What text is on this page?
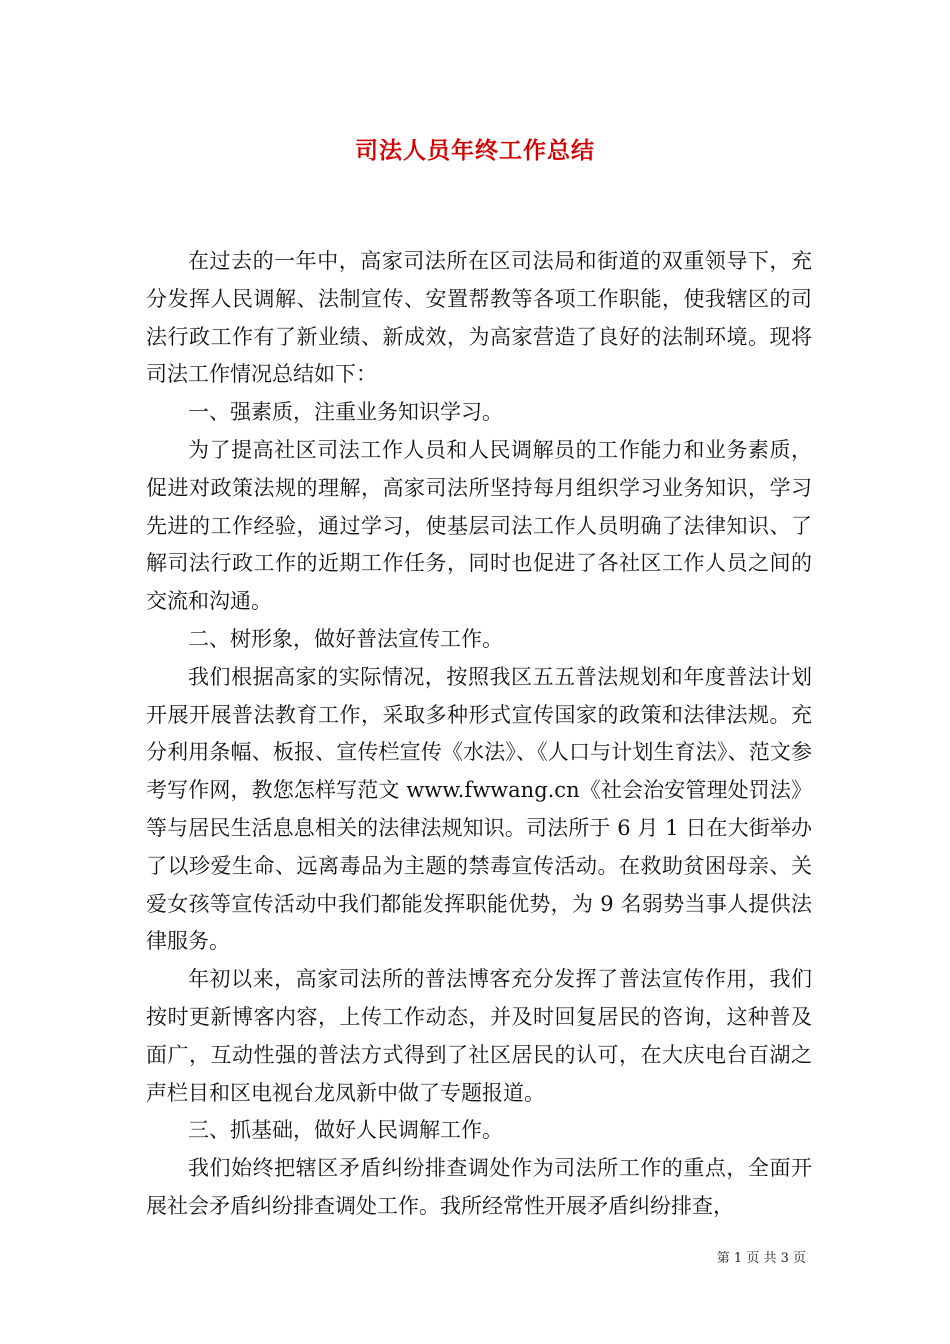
司法人员年终工作总结

在过去的一年中，高家司法所在区司法局和街道的双重领导下，充分发挥人民调解、法制宣传、安置帮教等各项工作职能，使我辖区的司法行政工作有了新业绩、新成效，为高家营造了良好的法制环境。现将司法工作情况总结如下：

一、强素质，注重业务知识学习。

为了提高社区司法工作人员和人民调解员的工作能力和业务素质，促进对政策法规的理解，高家司法所坚持每月组织学习业务知识，学习先进的工作经验，通过学习，使基层司法工作人员明确了法律知识、了解司法行政工作的近期工作任务，同时也促进了各社区工作人员之间的交流和沟通。

二、树形象，做好普法宣传工作。

我们根据高家的实际情况，按照我区五五普法规划和年度普法计划开展开展普法教育工作，采取多种形式宣传国家的政策和法律法规。充分利用条幅、板报、宣传栏宣传《水法》、《人口与计划生育法》、范文参考写作网，教您怎样写范文 www.fwwang.cn《社会治安管理处罚法》等与居民生活息息相关的法律法规知识。司法所于 6 月 1 日在大街举办了以珍爱生命、远离毒品为主题的禁毒宣传活动。在救助贫困母亲、关爱女孩等宣传活动中我们都能发挥职能优势，为 9 名弱势当事人提供法律服务。

年初以来，高家司法所的普法博客充分发挥了普法宣传作用，我们按时更新博客内容，上传工作动态，并及时回复居民的咨询，这种普及面广，互动性强的普法方式得到了社区居民的认可，在大庆电台百湖之声栏目和区电视台龙凤新中做了专题报道。

三、抓基础，做好人民调解工作。

我们始终把辖区矛盾纠纷排查调处作为司法所工作的重点，全面开展社会矛盾纠纷排查调处工作。我所经常性开展矛盾纠纷排查，

第 1 页 共 3 页
